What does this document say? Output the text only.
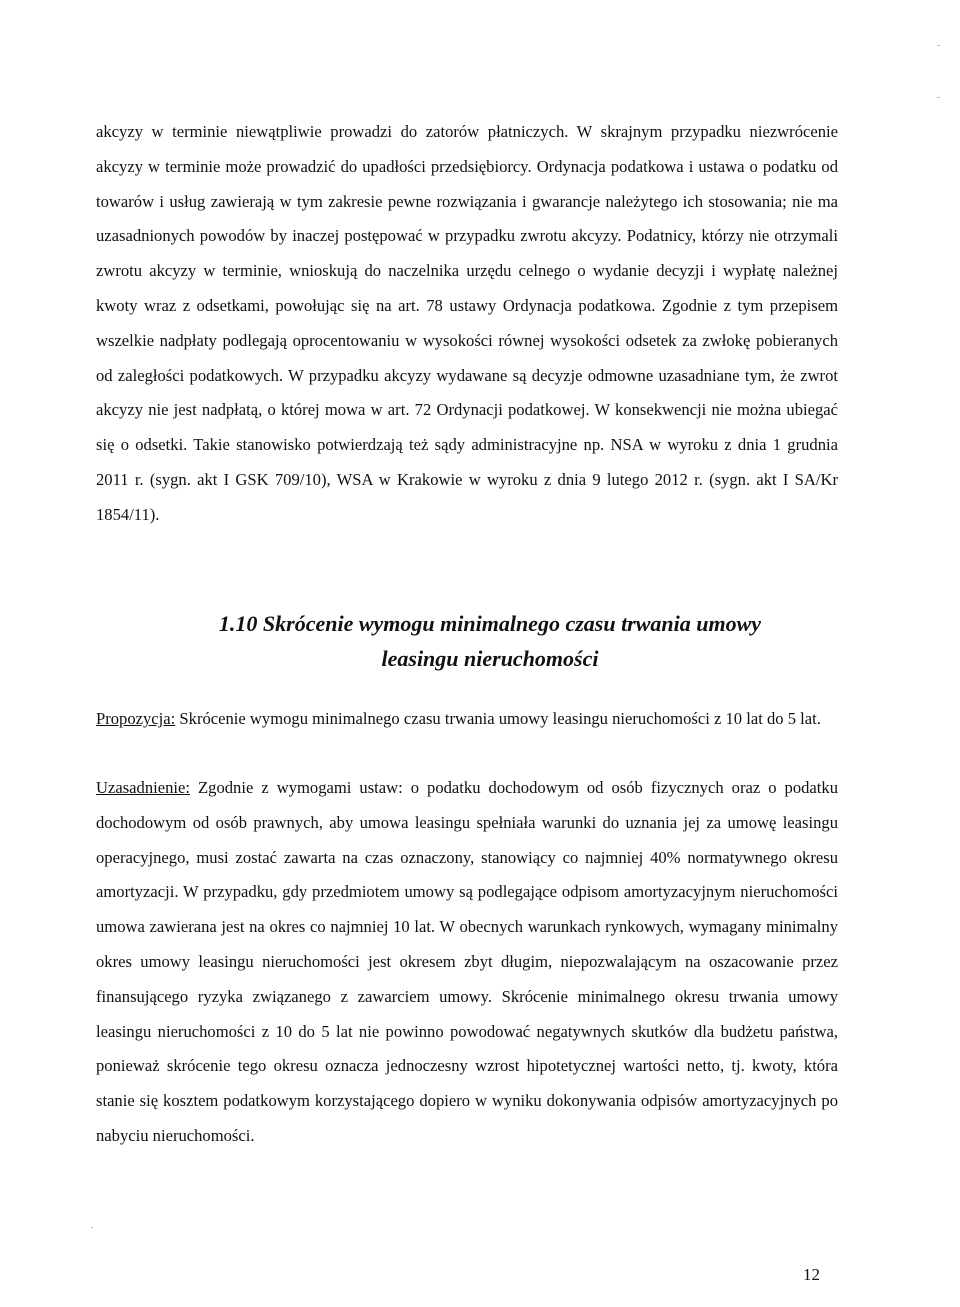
akcyzy w terminie niewątpliwie prowadzi do zatorów płatniczych. W skrajnym przypadku niezwrócenie akcyzy w terminie może prowadzić do upadłości przedsiębiorcy. Ordynacja podatkowa i ustawa o podatku od towarów i usług zawierają w tym zakresie pewne rozwiązania i gwarancje należytego ich stosowania; nie ma uzasadnionych powodów by inaczej postępować w przypadku zwrotu akcyzy. Podatnicy, którzy nie otrzymali zwrotu akcyzy w terminie, wnioskują do naczelnika urzędu celnego o wydanie decyzji i wypłatę należnej kwoty wraz z odsetkami, powołując się na art. 78 ustawy Ordynacja podatkowa. Zgodnie z tym przepisem wszelkie nadpłaty podlegają oprocentowaniu w wysokości równej wysokości odsetek za zwłokę pobieranych od zaległości podatkowych. W przypadku akcyzy wydawane są decyzje odmowne uzasadniane tym, że zwrot akcyzy nie jest nadpłatą, o której mowa w art. 72 Ordynacji podatkowej. W konsekwencji nie można ubiegać się o odsetki. Takie stanowisko potwierdzają też sądy administracyjne np. NSA w wyroku z dnia 1 grudnia 2011 r. (sygn. akt I GSK 709/10), WSA w Krakowie w wyroku z dnia 9 lutego 2012 r. (sygn. akt I SA/Kr 1854/11).

1.10 Skrócenie wymogu minimalnego czasu trwania umowy
leasingu nieruchomości

Propozycja: Skrócenie wymogu minimalnego czasu trwania umowy leasingu nieruchomości z 10 lat do 5 lat.

Uzasadnienie: Zgodnie z wymogami ustaw: o podatku dochodowym od osób fizycznych oraz o podatku dochodowym od osób prawnych, aby umowa leasingu spełniała warunki do uznania jej za umowę leasingu operacyjnego, musi zostać zawarta na czas oznaczony, stanowiący co najmniej 40% normatywnego okresu amortyzacji. W przypadku, gdy przedmiotem umowy są podlegające odpisom amortyzacyjnym nieruchomości umowa zawierana jest na okres co najmniej 10 lat. W obecnych warunkach rynkowych, wymagany minimalny okres umowy leasingu nieruchomości jest okresem zbyt długim, niepozwalającym na oszacowanie przez finansującego ryzyka związanego z zawarciem umowy. Skrócenie minimalnego okresu trwania umowy leasingu nieruchomości z 10 do 5 lat nie powinno powodować negatywnych skutków dla budżetu państwa, ponieważ skrócenie tego okresu oznacza jednoczesny wzrost hipotetycznej wartości netto, tj. kwoty, która stanie się kosztem podatkowym korzystającego dopiero w wyniku dokonywania odpisów amortyzacyjnych po nabyciu nieruchomości.

12
